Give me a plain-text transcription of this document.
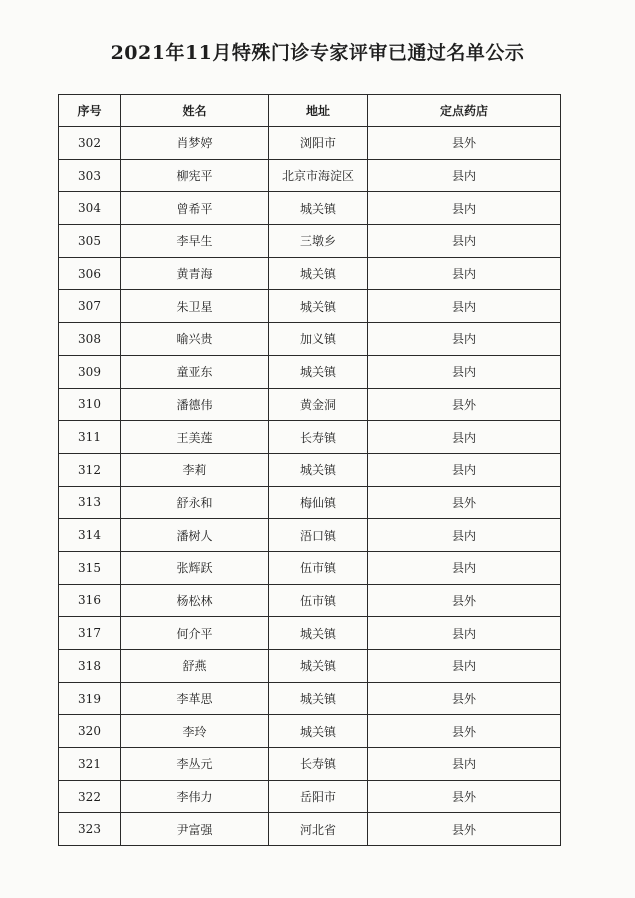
2021年11月特殊门诊专家评审已通过名单公示
序号	姓名	地址	定点药店
302	肖梦婷	浏阳市	县外
303	柳宪平	北京市海淀区	县内
304	曾希平	城关镇	县内
305	李早生	三墩乡	县内
306	黄青海	城关镇	县内
307	朱卫星	城关镇	县内
308	喻兴贵	加义镇	县内
309	童亚东	城关镇	县内
310	潘德伟	黄金洞	县外
311	王美莲	长寿镇	县内
312	李莉	城关镇	县内
313	舒永和	梅仙镇	县外
314	潘树人	浯口镇	县内
315	张辉跃	伍市镇	县内
316	杨松林	伍市镇	县外
317	何介平	城关镇	县内
318	舒燕	城关镇	县内
319	李革思	城关镇	县外
320	李玲	城关镇	县外
321	李丛元	长寿镇	县内
322	李伟力	岳阳市	县外
323	尹富强	河北省	县外
